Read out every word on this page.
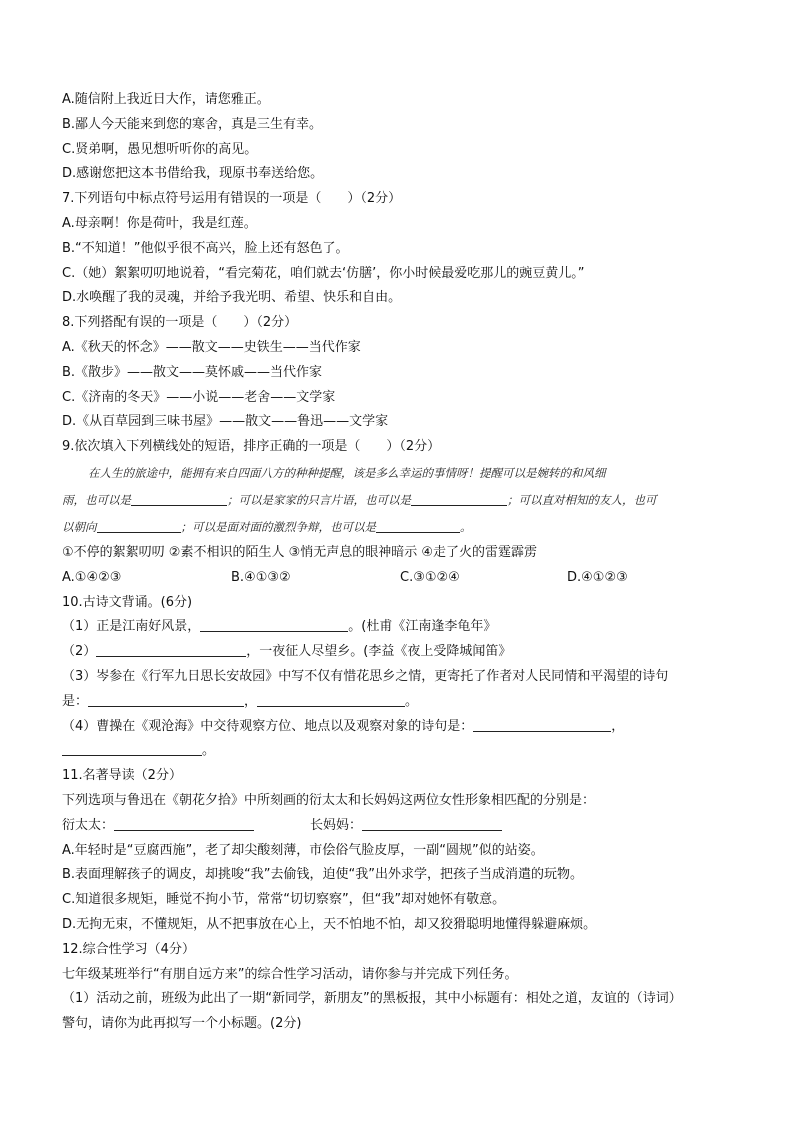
A.随信附上我近日大作，请您雅正。
B.鄙人今天能来到您的寒舍，真是三生有幸。
C.贤弟啊，愚见想听听你的高见。
D.感谢您把这本书借给我，现原书奉送给您。
7.下列语句中标点符号运用有错误的一项是（　　）（2分）
A.母亲啊！你是荷叶，我是红莲。
B.“不知道！”他似乎很不高兴，脸上还有怒色了。
C.（她）絮絮叨叨地说着，“看完菊花，咱们就去‘仿膳’，你小时候最爱吃那儿的豌豆黄儿。”
D.水唤醒了我的灵魂，并给予我光明、希望、快乐和自由。
8.下列搭配有误的一项是（　　）（2分）
A.《秋天的怀念》——散文——史铁生——当代作家
B.《散步》——散文——莫怀戚——当代作家
C.《济南的冬天》——小说——老舍——文学家
D.《从百草园到三味书屋》——散文——鲁迅——文学家
9.依次填入下列横线处的短语，排序正确的一项是（　　）（2分）
在人生的旅途中，能拥有来自四面八方的种种提醒，该是多么幸运的事情呀！提醒可以是婉转的和风细
雨，也可以是	；可以是家家的只言片语，也可以是	；可以直对相知的友人，也可
以朝向	；可以是面对面的激烈争辩，也可以是	。
①不停的絮絮叨叨 ②素不相识的陌生人 ③悄无声息的眼神暗示 ④走了火的雷霆霹雳
A.①④②③	B.④①③②	C.③①②④	D.④①②③
10.古诗文背诵。(6分)
（1）正是江南好风景，	。(杜甫《江南逢李龟年》
（2）	，一夜征人尽望乡。(李益《夜上受降城闻笛》
（3）岑参在《行军九日思长安故园》中写不仅有惜花思乡之情，更寄托了作者对人民同情和平渴望的诗句
是：	，	。
（4）曹操在《观沧海》中交待观察方位、地点以及观察对象的诗句是：	，
。
11.名著导读（2分）
下列选项与鲁迅在《朝花夕拾》中所刻画的衍太太和长妈妈这两位女性形象相匹配的分别是：
衍太太：	长妈妈：
A.年轻时是“豆腐西施”，老了却尖酸刻薄，市侩俗气脸皮厚，一副“圆规”似的站姿。
B.表面理解孩子的调皮，却挑唆“我”去偷钱，迫使“我”出外求学，把孩子当成消遣的玩物。
C.知道很多规矩，睡觉不拘小节，常常“切切察察”，但“我”却对她怀有敬意。
D.无拘无束，不懂规矩，从不把事放在心上，天不怕地不怕，却又狡猾聪明地懂得躲避麻烦。
12.综合性学习（4分）
七年级某班举行“有朋自远方来”的综合性学习活动，请你参与并完成下列任务。
（1）活动之前，班级为此出了一期“新同学，新朋友”的黑板报，其中小标题有：相处之道，友谊的（诗词）
警句，请你为此再拟写一个小标题。(2分)
